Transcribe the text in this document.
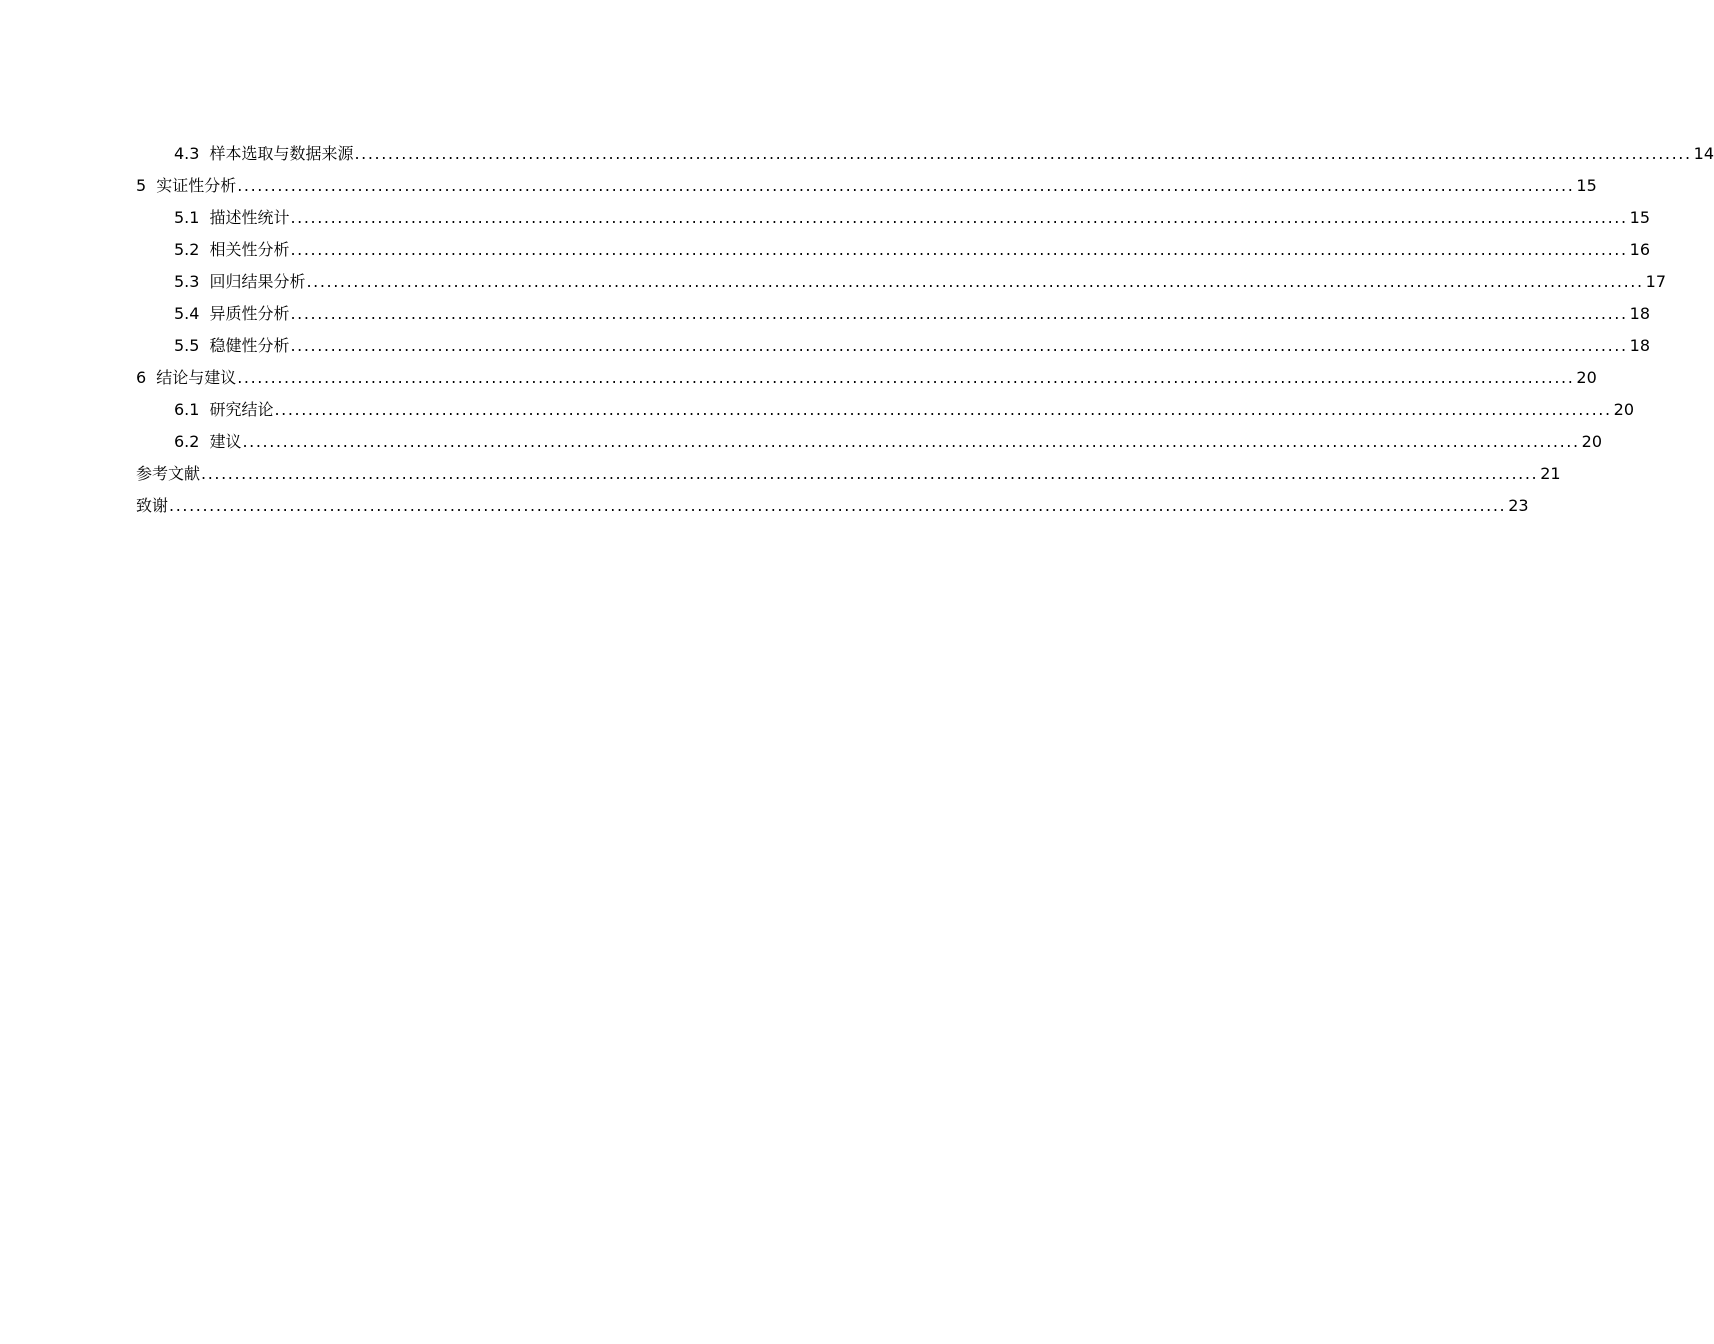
4.3 样本选取与数据来源 ........................................................................................................................................................................................................ 14
5 实证性分析 ........................................................................................................................................................................................................ 15
5.1 描述性统计 ........................................................................................................................................................................................................ 15
5.2 相关性分析 ........................................................................................................................................................................................................ 16
5.3 回归结果分析 ........................................................................................................................................................................................................ 17
5.4 异质性分析 ........................................................................................................................................................................................................ 18
5.5 稳健性分析 ........................................................................................................................................................................................................ 18
6 结论与建议 ........................................................................................................................................................................................................ 20
6.1 研究结论 ........................................................................................................................................................................................................ 20
6.2 建议 ........................................................................................................................................................................................................ 20
参考文献 ........................................................................................................................................................................................................ 21
致谢 ........................................................................................................................................................................................................ 23
